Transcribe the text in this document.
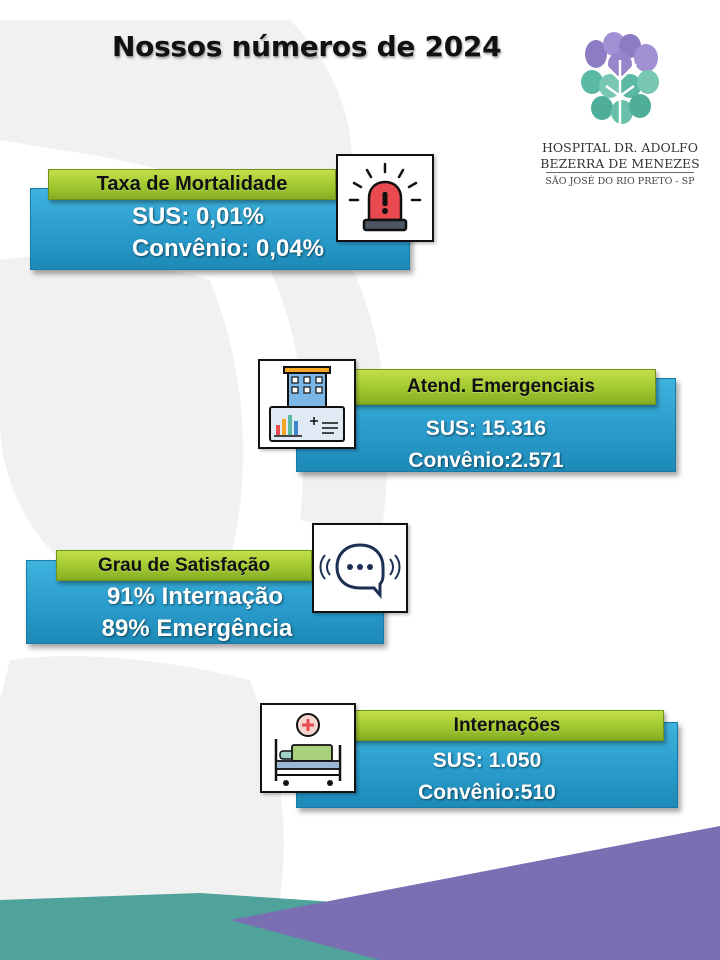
Nossos números de 2024
HOSPITAL DR. ADOLFO
BEZERRA DE MENEZES
SÃO JOSÉ DO RIO PRETO - SP
SUS: 0,01%
Convênio: 0,04%
Taxa de Mortalidade
SUS: 15.316
Convênio:2.571
Atend. Emergenciais
91% Internação
89% Emergência
Grau de Satisfação
SUS: 1.050
Convênio:510
Internações
